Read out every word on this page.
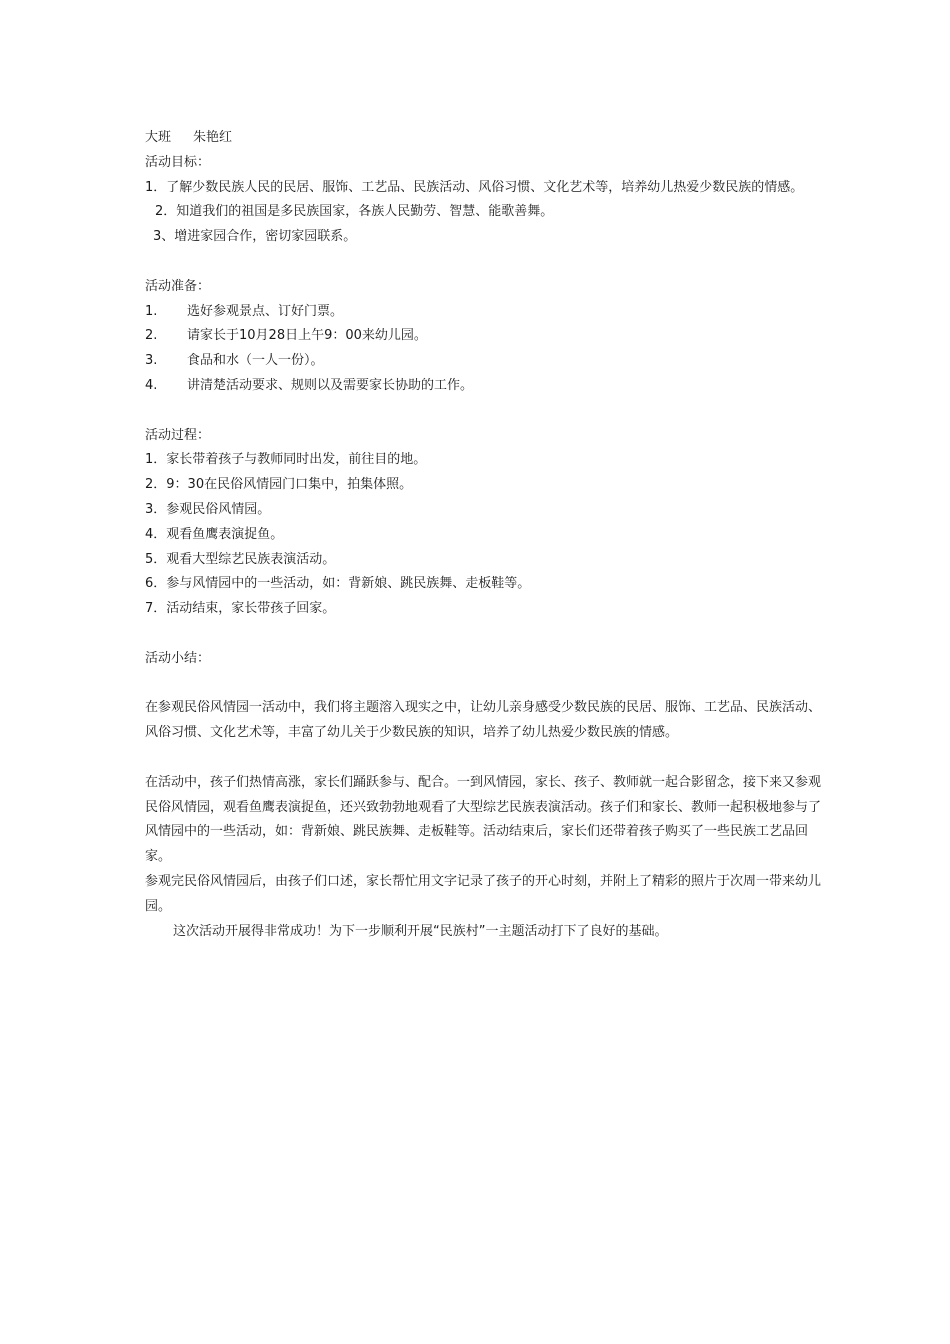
大班 朱艳红
活动目标：
1．了解少数民族人民的民居、服饰、工艺品、民族活动、风俗习惯、文化艺术等，培养幼儿热爱少数民族的情感。
2．知道我们的祖国是多民族国家，各族人民勤劳、智慧、能歌善舞。
3、增进家园合作，密切家园联系。
活动准备：
1. 选好参观景点、订好门票。
2. 请家长于10月28日上午9：00来幼儿园。
3. 食品和水（一人一份）。
4. 讲清楚活动要求、规则以及需要家长协助的工作。
活动过程：
1．家长带着孩子与教师同时出发，前往目的地。
2．9：30在民俗风情园门口集中，拍集体照。
3．参观民俗风情园。
4．观看鱼鹰表演捉鱼。
5．观看大型综艺民族表演活动。
6．参与风情园中的一些活动，如：背新娘、跳民族舞、走板鞋等。
7．活动结束，家长带孩子回家。
活动小结：
在参观民俗风情园一活动中，我们将主题溶入现实之中，让幼儿亲身感受少数民族的民居、服饰、工艺品、民族活动、风俗习惯、文化艺术等，丰富了幼儿关于少数民族的知识，培养了幼儿热爱少数民族的情感。
在活动中，孩子们热情高涨，家长们踊跃参与、配合。一到风情园，家长、孩子、教师就一起合影留念，接下来又参观民俗风情园，观看鱼鹰表演捉鱼，还兴致勃勃地观看了大型综艺民族表演活动。孩子们和家长、教师一起积极地参与了风情园中的一些活动，如：背新娘、跳民族舞、走板鞋等。活动结束后，家长们还带着孩子购买了一些民族工艺品回家。
参观完民俗风情园后，由孩子们口述，家长帮忙用文字记录了孩子的开心时刻，并附上了精彩的照片于次周一带来幼儿园。
这次活动开展得非常成功！为下一步顺利开展“民族村”一主题活动打下了良好的基础。
